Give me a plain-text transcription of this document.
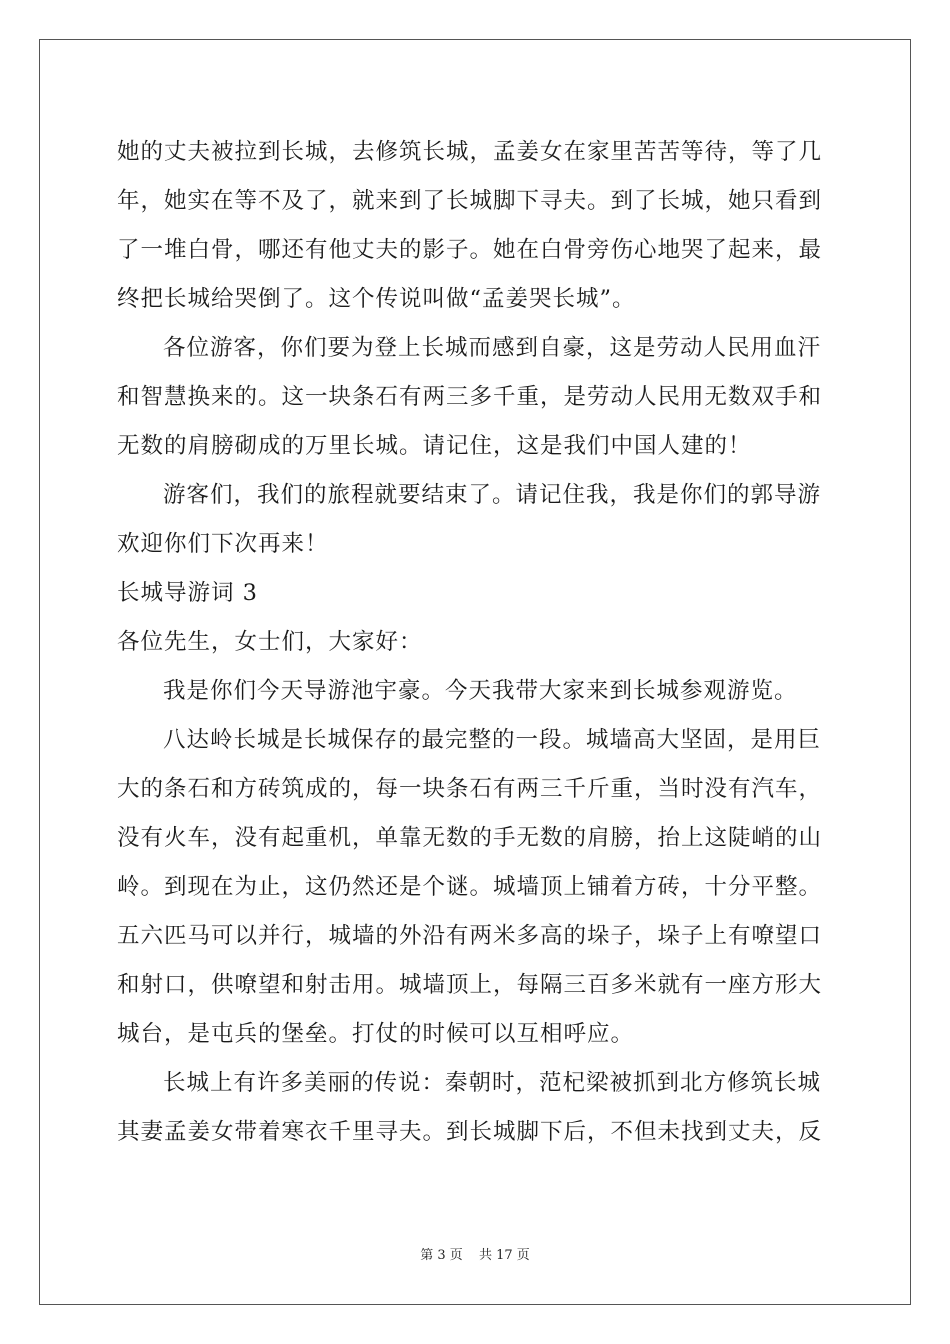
她的丈夫被拉到长城，去修筑长城，孟姜女在家里苦苦等待，等了几
年，她实在等不及了，就来到了长城脚下寻夫。到了长城，她只看到
了一堆白骨，哪还有他丈夫的影子。她在白骨旁伤心地哭了起来，最
终把长城给哭倒了。这个传说叫做“孟姜哭长城”。
各位游客，你们要为登上长城而感到自豪，这是劳动人民用血汗
和智慧换来的。这一块条石有两三多千重，是劳动人民用无数双手和
无数的肩膀砌成的万里长城。请记住，这是我们中国人建的！
游客们，我们的旅程就要结束了。请记住我，我是你们的郭导游
欢迎你们下次再来！
长城导游词 3
各位先生，女士们，大家好：
我是你们今天导游池宇豪。今天我带大家来到长城参观游览。
八达岭长城是长城保存的最完整的一段。城墙高大坚固，是用巨
大的条石和方砖筑成的，每一块条石有两三千斤重，当时没有汽车，
没有火车，没有起重机，单靠无数的手无数的肩膀，抬上这陡峭的山
岭。到现在为止，这仍然还是个谜。城墙顶上铺着方砖，十分平整。
五六匹马可以并行，城墙的外沿有两米多高的垛子，垛子上有嘹望口
和射口，供嘹望和射击用。城墙顶上，每隔三百多米就有一座方形大
城台，是屯兵的堡垒。打仗的时候可以互相呼应。
长城上有许多美丽的传说：秦朝时，范杞梁被抓到北方修筑长城
其妻孟姜女带着寒衣千里寻夫。到长城脚下后，不但未找到丈夫，反
第 3 页 共 17 页
